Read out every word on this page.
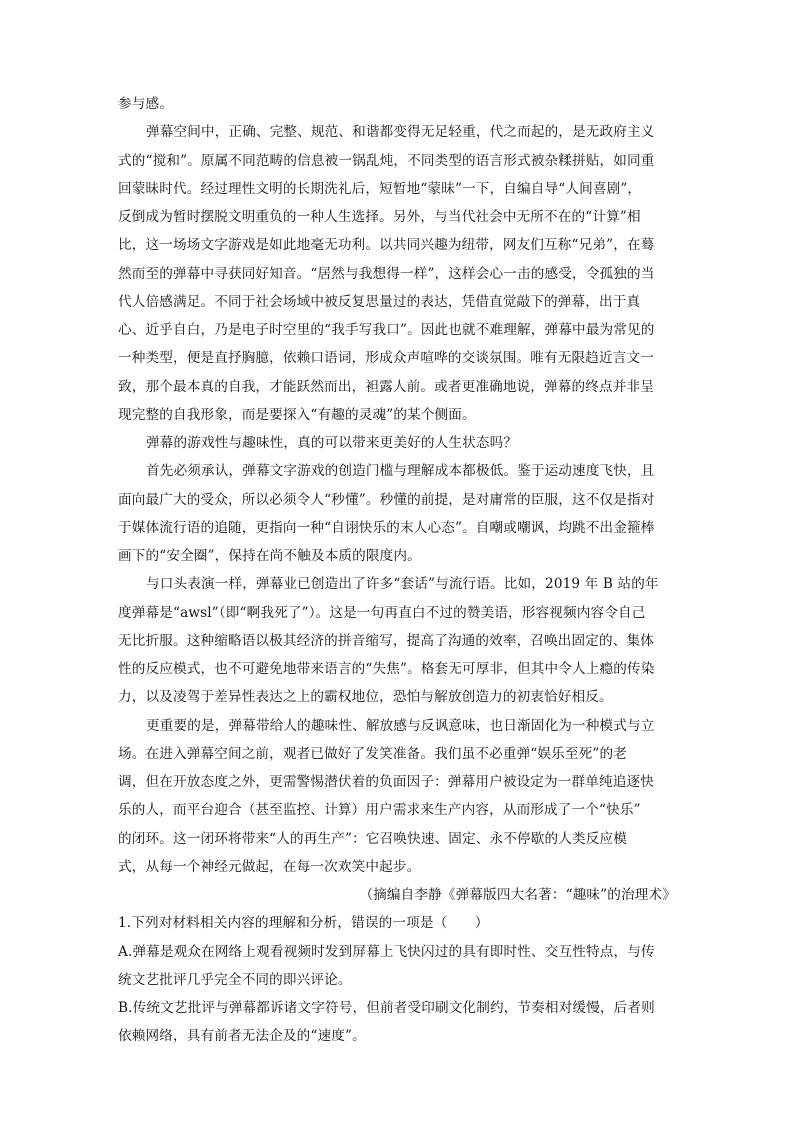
参与感。
弹幕空间中，正确、完整、规范、和谐都变得无足轻重，代之而起的，是无政府主义
式的“搅和”。原属不同范畴的信息被一锅乱炖，不同类型的语言形式被杂糅拼贴，如同重
回蒙昧时代。经过理性文明的长期洗礼后，短暂地“蒙昧”一下，自编自导“人间喜剧”，
反倒成为暂时摆脱文明重负的一种人生选择。另外，与当代社会中无所不在的“计算”相
比，这一场场文字游戏是如此地毫无功利。以共同兴趣为纽带，网友们互称“兄弟”，在蓦
然而至的弹幕中寻获同好知音。“居然与我想得一样”，这样会心一击的感受，令孤独的当
代人倍感满足。不同于社会场域中被反复思量过的表达，凭借直觉敲下的弹幕，出于真
心、近乎自白，乃是电子时空里的“我手写我口”。因此也就不难理解，弹幕中最为常见的
一种类型，便是直抒胸臆，依赖口语词，形成众声喧哗的交谈氛围。唯有无限趋近言文一
致，那个最本真的自我，才能跃然而出，袒露人前。或者更准确地说，弹幕的终点并非呈
现完整的自我形象，而是要探入“有趣的灵魂”的某个侧面。
弹幕的游戏性与趣味性，真的可以带来更美好的人生状态吗？
首先必须承认，弹幕文字游戏的创造门槛与理解成本都极低。鉴于运动速度飞快，且
面向最广大的受众，所以必须令人“秒懂”。秒懂的前提，是对庸常的臣服，这不仅是指对
于媒体流行语的追随，更指向一种“自诩快乐的末人心态”。自嘲或嘲讽，均跳不出金箍棒
画下的“安全圈”，保持在尚不触及本质的限度内。
与口头表演一样，弹幕业已创造出了许多“套话”与流行语。比如，2019 年 B 站的年
度弹幕是“awsl”（即“啊我死了”）。这是一句再直白不过的赞美语，形容视频内容令自己
无比折服。这种缩略语以极其经济的拼音缩写，提高了沟通的效率，召唤出固定的、集体
性的反应模式，也不可避免地带来语言的“失焦”。格套无可厚非，但其中令人上瘾的传染
力，以及凌驾于差异性表达之上的霸权地位，恐怕与解放创造力的初衷恰好相反。
更重要的是，弹幕带给人的趣味性、解放感与反讽意味，也日渐固化为一种模式与立
场。在进入弹幕空间之前，观者已做好了发笑准备。我们虽不必重弹“娱乐至死”的老
调，但在开放态度之外，更需警惕潜伏着的负面因子：弹幕用户被设定为一群单纯追逐快
乐的人，而平台迎合（甚至监控、计算）用户需求来生产内容，从而形成了一个“快乐”
的闭环。这一闭环将带来“人的再生产”：它召唤快速、固定、永不停歇的人类反应模
式，从每一个神经元做起，在每一次欢笑中起步。
（摘编自李静《弹幕版四大名著：“趣味”的治理术》
1.下列对材料相关内容的理解和分析，错误的一项是（　　）
A.弹幕是观众在网络上观看视频时发到屏幕上飞快闪过的具有即时性、交互性特点，与传
统文艺批评几乎完全不同的即兴评论。
B.传统文艺批评与弹幕都诉诸文字符号，但前者受印刷文化制约，节奏相对缓慢，后者则
依赖网络，具有前者无法企及的“速度”。
